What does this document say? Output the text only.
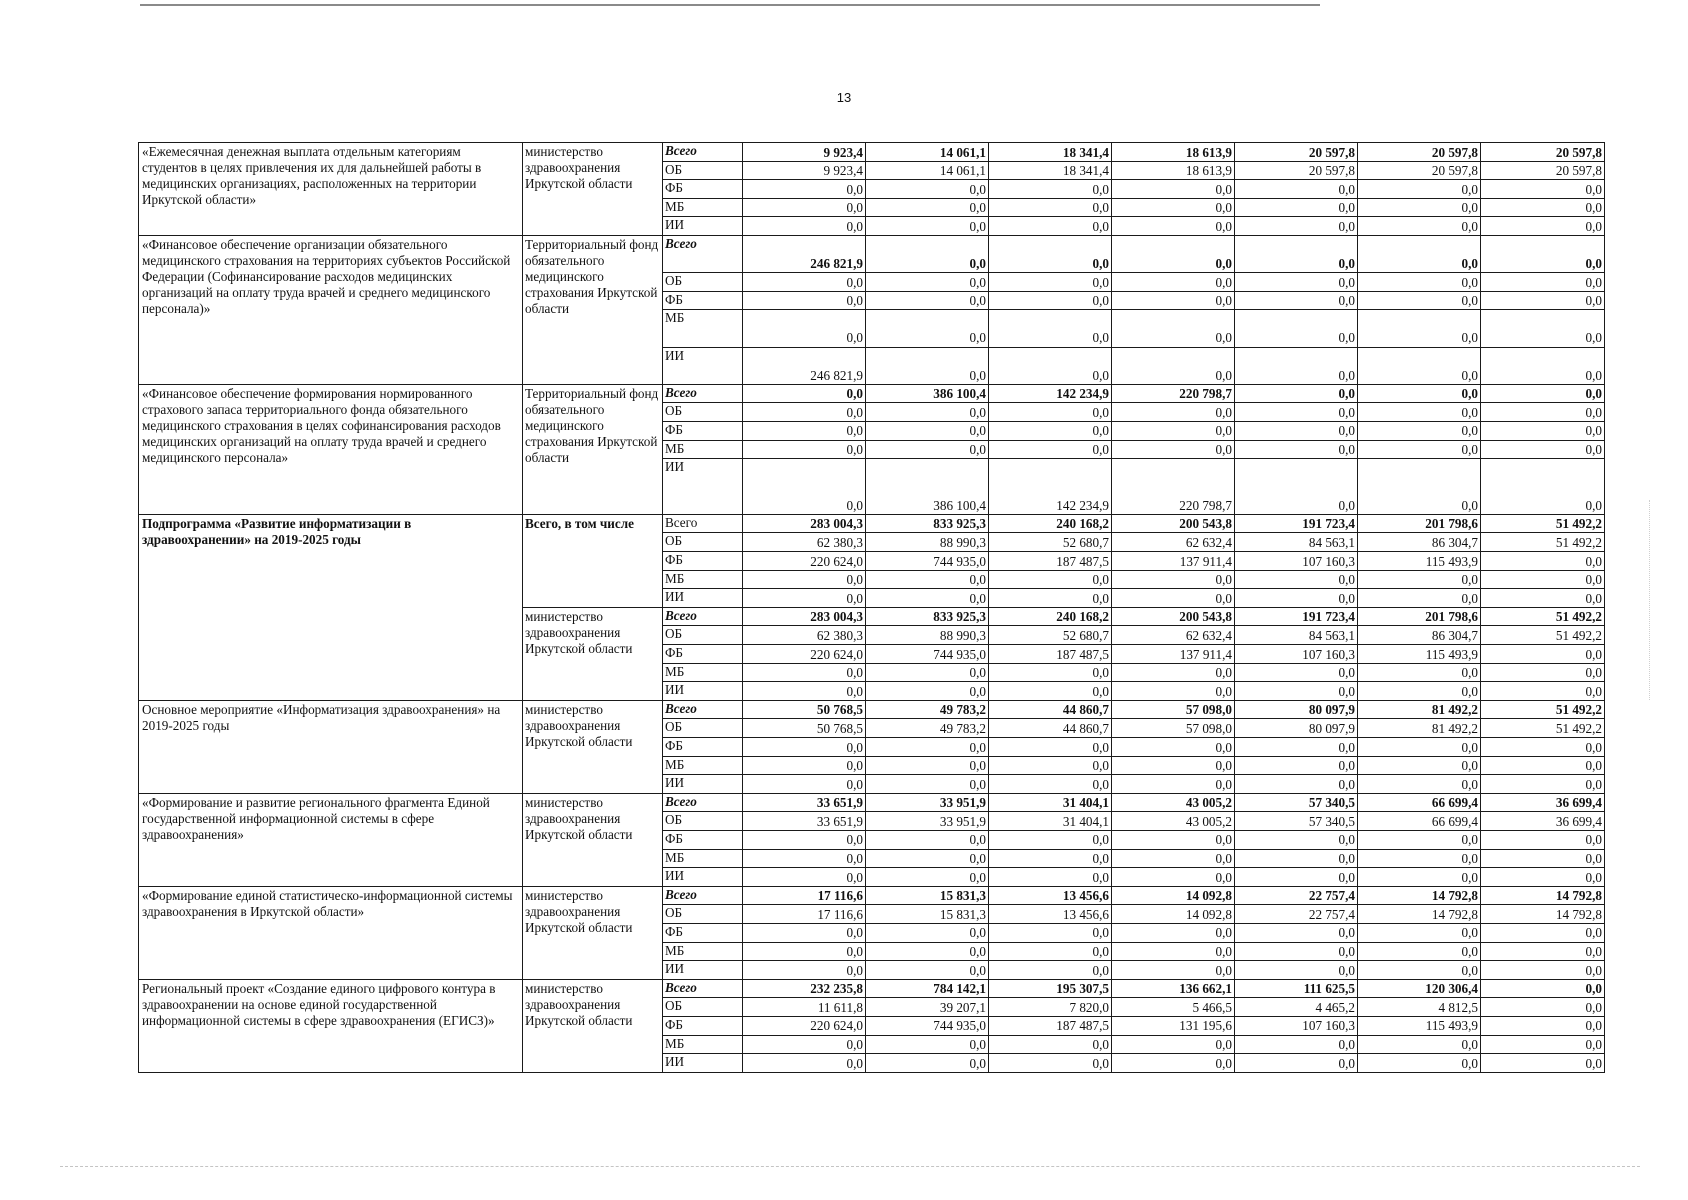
13
«Ежемесячная денежная выплата отдельным категориям студентов в целях привлечения их для дальнейшей работы в медицинских организациях, расположенных на территории Иркутской области»	министерство здравоохранения Иркутской области	Всего	9 923,4	14 061,1	18 341,4	18 613,9	20 597,8	20 597,8	20 597,8
		ОБ	9 923,4	14 061,1	18 341,4	18 613,9	20 597,8	20 597,8	20 597,8
		ФБ	0,0	0,0	0,0	0,0	0,0	0,0	0,0
		МБ	0,0	0,0	0,0	0,0	0,0	0,0	0,0
		ИИ	0,0	0,0	0,0	0,0	0,0	0,0	0,0
«Финансовое обеспечение организации обязательного медицинского страхования на территориях субъектов Российской Федерации (Софинансирование расходов медицинских организаций на оплату труда врачей и среднего медицинского персонала)»	Территориальный фонд обязательного медицинского страхования Иркутской области	Всего	246 821,9	0,0	0,0	0,0	0,0	0,0	0,0
		ОБ	0,0	0,0	0,0	0,0	0,0	0,0	0,0
		ФБ	0,0	0,0	0,0	0,0	0,0	0,0	0,0
		МБ	0,0	0,0	0,0	0,0	0,0	0,0	0,0
		ИИ	246 821,9	0,0	0,0	0,0	0,0	0,0	0,0
«Финансовое обеспечение формирования нормированного страхового запаса территориального фонда обязательного медицинского страхования в целях софинансирования расходов медицинских организаций на оплату труда врачей и среднего медицинского персонала»	Территориальный фонд обязательного медицинского страхования Иркутской области	Всего	0,0	386 100,4	142 234,9	220 798,7	0,0	0,0	0,0
		ОБ	0,0	0,0	0,0	0,0	0,0	0,0	0,0
		ФБ	0,0	0,0	0,0	0,0	0,0	0,0	0,0
		МБ	0,0	0,0	0,0	0,0	0,0	0,0	0,0
		ИИ	0,0	386 100,4	142 234,9	220 798,7	0,0	0,0	0,0
Подпрограмма «Развитие информатизации в здравоохранении» на 2019-2025 годы	Всего, в том числе	Всего	283 004,3	833 925,3	240 168,2	200 543,8	191 723,4	201 798,6	51 492,2
		ОБ	62 380,3	88 990,3	52 680,7	62 632,4	84 563,1	86 304,7	51 492,2
		ФБ	220 624,0	744 935,0	187 487,5	137 911,4	107 160,3	115 493,9	0,0
		МБ	0,0	0,0	0,0	0,0	0,0	0,0	0,0
		ИИ	0,0	0,0	0,0	0,0	0,0	0,0	0,0
	министерство здравоохранения Иркутской области	Всего	283 004,3	833 925,3	240 168,2	200 543,8	191 723,4	201 798,6	51 492,2
		ОБ	62 380,3	88 990,3	52 680,7	62 632,4	84 563,1	86 304,7	51 492,2
		ФБ	220 624,0	744 935,0	187 487,5	137 911,4	107 160,3	115 493,9	0,0
		МБ	0,0	0,0	0,0	0,0	0,0	0,0	0,0
		ИИ	0,0	0,0	0,0	0,0	0,0	0,0	0,0
Основное мероприятие «Информатизация здравоохранения» на 2019-2025 годы	министерство здравоохранения Иркутской области	Всего	50 768,5	49 783,2	44 860,7	57 098,0	80 097,9	81 492,2	51 492,2
		ОБ	50 768,5	49 783,2	44 860,7	57 098,0	80 097,9	81 492,2	51 492,2
		ФБ	0,0	0,0	0,0	0,0	0,0	0,0	0,0
		МБ	0,0	0,0	0,0	0,0	0,0	0,0	0,0
		ИИ	0,0	0,0	0,0	0,0	0,0	0,0	0,0
«Формирование и развитие регионального фрагмента Единой государственной информационной системы в сфере здравоохранения»	министерство здравоохранения Иркутской области	Всего	33 651,9	33 951,9	31 404,1	43 005,2	57 340,5	66 699,4	36 699,4
		ОБ	33 651,9	33 951,9	31 404,1	43 005,2	57 340,5	66 699,4	36 699,4
		ФБ	0,0	0,0	0,0	0,0	0,0	0,0	0,0
		МБ	0,0	0,0	0,0	0,0	0,0	0,0	0,0
		ИИ	0,0	0,0	0,0	0,0	0,0	0,0	0,0
«Формирование единой статистическо-информационной системы здравоохранения в Иркутской области»	министерство здравоохранения Иркутской области	Всего	17 116,6	15 831,3	13 456,6	14 092,8	22 757,4	14 792,8	14 792,8
		ОБ	17 116,6	15 831,3	13 456,6	14 092,8	22 757,4	14 792,8	14 792,8
		ФБ	0,0	0,0	0,0	0,0	0,0	0,0	0,0
		МБ	0,0	0,0	0,0	0,0	0,0	0,0	0,0
		ИИ	0,0	0,0	0,0	0,0	0,0	0,0	0,0
Региональный проект «Создание единого цифрового контура в здравоохранении на основе единой государственной информационной системы в сфере здравоохранения (ЕГИСЗ)»	министерство здравоохранения Иркутской области	Всего	232 235,8	784 142,1	195 307,5	136 662,1	111 625,5	120 306,4	0,0
		ОБ	11 611,8	39 207,1	7 820,0	5 466,5	4 465,2	4 812,5	0,0
		ФБ	220 624,0	744 935,0	187 487,5	131 195,6	107 160,3	115 493,9	0,0
		МБ	0,0	0,0	0,0	0,0	0,0	0,0	0,0
		ИИ	0,0	0,0	0,0	0,0	0,0	0,0	0,0
